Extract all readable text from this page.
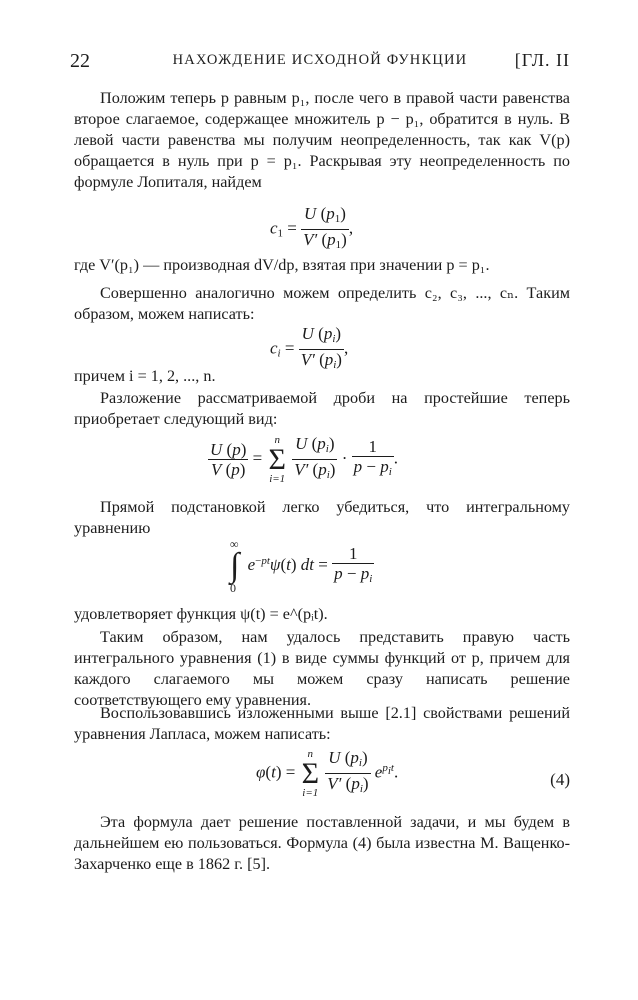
22	НАХОЖДЕНИЕ ИСХОДНОЙ ФУНКЦИИ	[ГЛ. II

Положим теперь p равным p₁, после чего в правой части равенства второе слагаемое, содержащее множитель p − p₁, обратится в нуль. В левой части равенства мы получим неопределенность, так как V(p) обращается в нуль при p = p₁. Раскрывая эту неопределенность по формуле Лопиталя, найдем

$c_1 = \frac{U (p_1)}{V' (p_1)}$ ,

где V′(p₁) — производная dV/dp, взятая при значении p = p₁.

Совершенно аналогично можем определить c₂, c₃, ..., cₙ. Таким образом, можем написать:

$c_i = \frac{U (p_i)}{V' (p_i)}$ ,

причем i = 1, 2, ..., n.

Разложение рассматриваемой дроби на простейшие теперь приобретает следующий вид:

$\frac{U (p)}{V (p)}$ =
n
Σ
i=1
$\frac{U (p_i)}{V' (p_i)} \cdot \frac{1}{p - p_i}$ .

Прямой подстановкой легко убедиться, что интегральному уравнению

∞
∫
0
$e^{-pt}\psi(t)$ dt = $\frac{1}{p - p_i}$

удовлетворяет функция ψ(t) = e^(pᵢt).

Таким образом, нам удалось представить правую часть интегрального уравнения (1) в виде суммы функций от p, причем для каждого слагаемого мы можем сразу написать решение соответствующего ему уравнения.

Воспользовавшись изложенными выше [2.1] свойствами решений уравнения Лапласа, можем написать:

φ(t) =
n
Σ
i=1
$\frac{U (p_i)}{V' (p_i)} e^{p_it}$.	(4)

Эта формула дает решение поставленной задачи, и мы будем в дальнейшем ею пользоваться. Формула (4) была известна М. Ващенко-Захарченко еще в 1862 г. [5].
